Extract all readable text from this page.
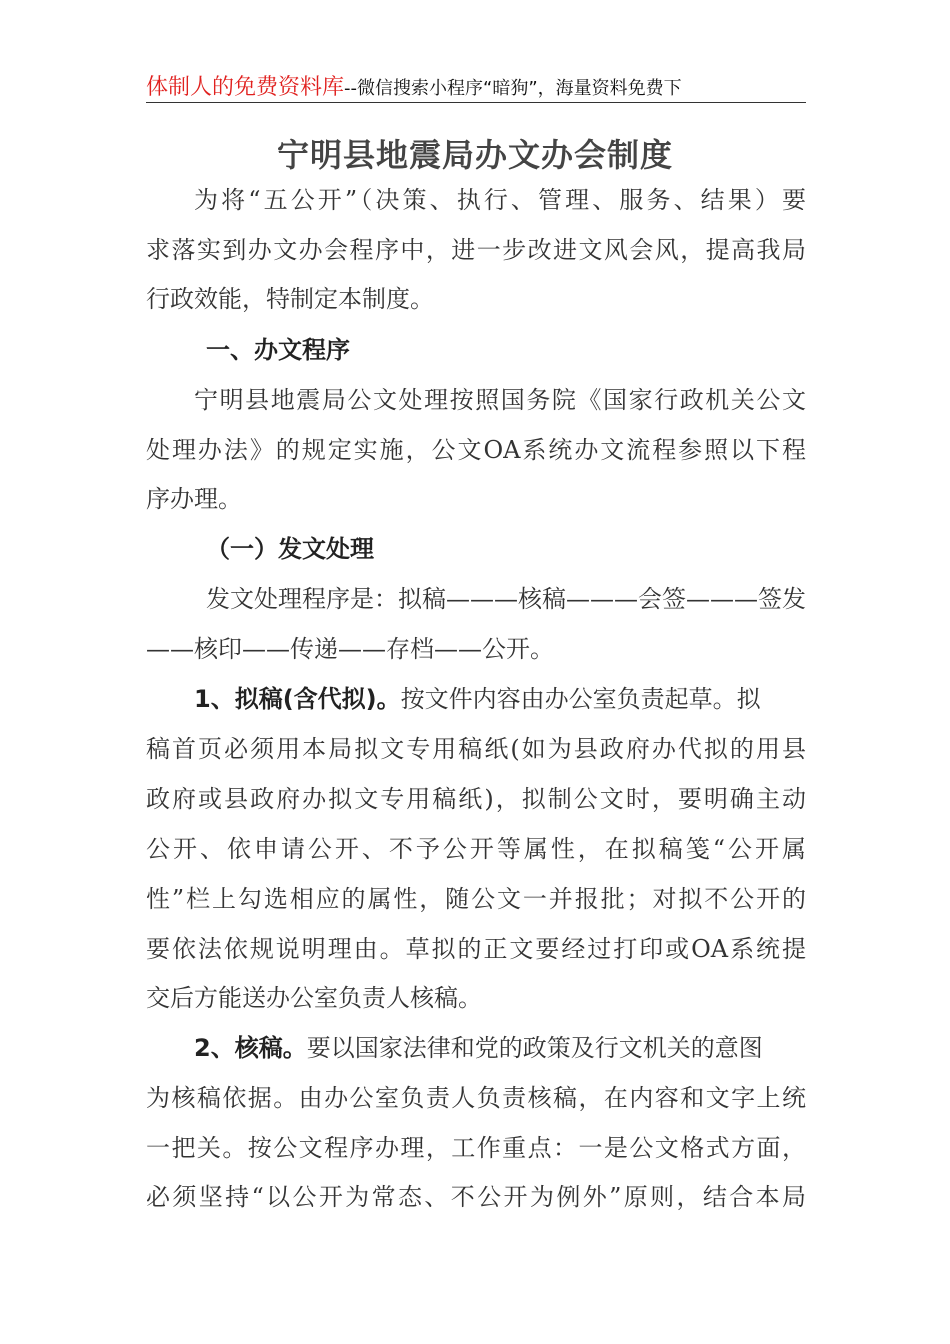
体制人的免费资料库--微信搜索小程序“暗狗”，海量资料免费下
宁明县地震局办文办会制度
为将“五公开”（决策、执行、管理、服务、结果）要
求落实到办文办会程序中，进一步改进文风会风，提高我局
行政效能，特制定本制度。
一、办文程序
宁明县地震局公文处理按照国务院《国家行政机关公文
处理办法》的规定实施，公文OA系统办文流程参照以下程
序办理。
（一）发文处理
发文处理程序是：拟稿———核稿———会签———签发
——核印——传递——存档——公开。
1、拟稿(含代拟)。按文件内容由办公室负责起草。拟
稿首页必须用本局拟文专用稿纸(如为县政府办代拟的用县
政府或县政府办拟文专用稿纸)，拟制公文时，要明确主动
公开、依申请公开、不予公开等属性，在拟稿笺“公开属
性”栏上勾选相应的属性，随公文一并报批；对拟不公开的
要依法依规说明理由。草拟的正文要经过打印或OA系统提
交后方能送办公室负责人核稿。
2、核稿。要以国家法律和党的政策及行文机关的意图
为核稿依据。由办公室负责人负责核稿，在内容和文字上统
一把关。按公文程序办理，工作重点：一是公文格式方面，
必须坚持“以公开为常态、不公开为例外”原则，结合本局
